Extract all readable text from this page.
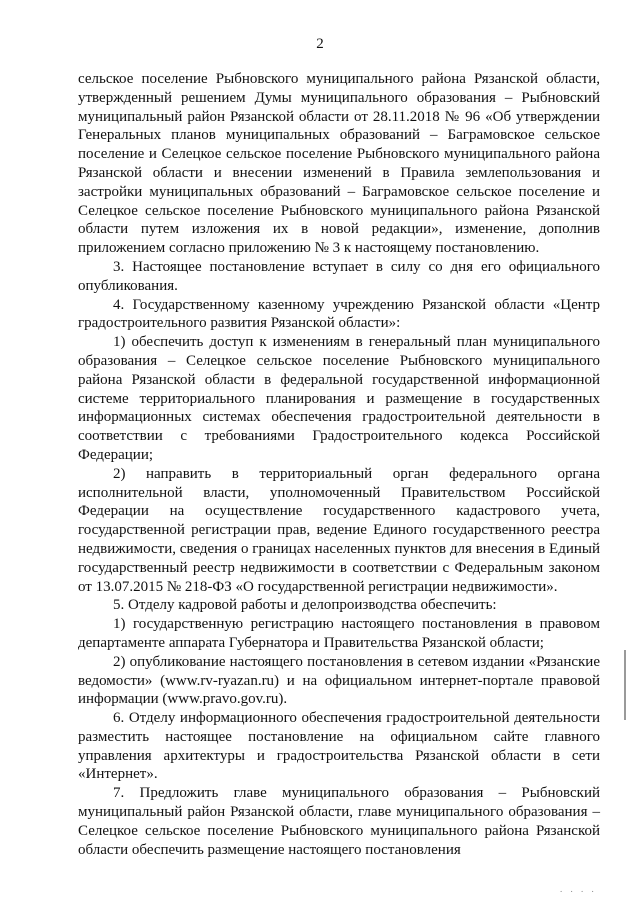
2

сельское поселение Рыбновского муниципального района Рязанской области, утвержденный решением Думы муниципального образования – Рыбновский муниципальный район Рязанской области от 28.11.2018 № 96 «Об утверждении Генеральных планов муниципальных образований – Баграмовское сельское поселение и Селецкое сельское поселение Рыбновского муниципального района Рязанской области и внесении изменений в Правила землепользования и застройки муниципальных образований – Баграмовское сельское поселение и Селецкое сельское поселение Рыбновского муниципального района Рязанской области путем изложения их в новой редакции», изменение, дополнив приложением согласно приложению № 3 к настоящему постановлению.

3. Настоящее постановление вступает в силу со дня его официального опубликования.

4. Государственному казенному учреждению Рязанской области «Центр градостроительного развития Рязанской области»:

1) обеспечить доступ к изменениям в генеральный план муниципального образования – Селецкое сельское поселение Рыбновского муниципального района Рязанской области в федеральной государственной информационной системе территориального планирования и размещение в государственных информационных системах обеспечения градостроительной деятельности в соответствии с требованиями Градостроительного кодекса Российской Федерации;

2) направить в территориальный орган федерального органа исполнительной власти, уполномоченный Правительством Российской Федерации на осуществление государственного кадастрового учета, государственной регистрации прав, ведение Единого государственного реестра недвижимости, сведения о границах населенных пунктов для внесения в Единый государственный реестр недвижимости в соответствии с Федеральным законом от 13.07.2015 № 218-ФЗ «О государственной регистрации недвижимости».

5. Отделу кадровой работы и делопроизводства обеспечить:

1) государственную регистрацию настоящего постановления в правовом департаменте аппарата Губернатора и Правительства Рязанской области;

2) опубликование настоящего постановления в сетевом издании «Рязанские ведомости» (www.rv-ryazan.ru) и на официальном интернет-портале правовой информации (www.pravo.gov.ru).

6. Отделу информационного обеспечения градостроительной деятельности разместить настоящее постановление на официальном сайте главного управления архитектуры и градостроительства Рязанской области в сети «Интернет».

7. Предложить главе муниципального образования – Рыбновский муниципальный район Рязанской области, главе муниципального образования – Селецкое сельское поселение Рыбновского муниципального района Рязанской области обеспечить размещение настоящего постановления

. . . .
